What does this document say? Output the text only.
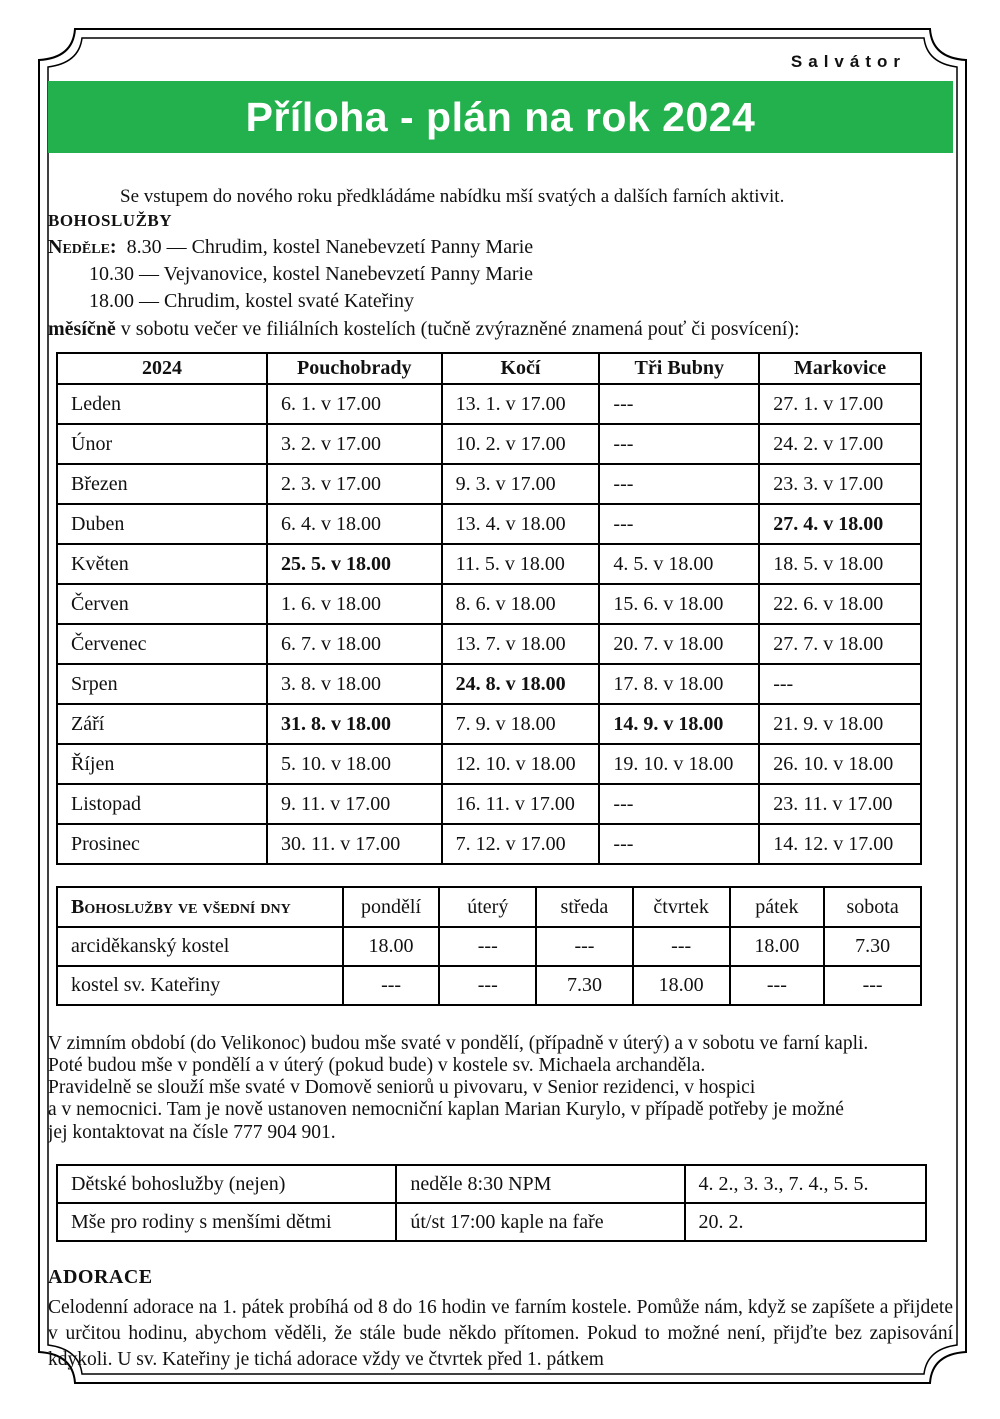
Salvátor
Příloha - plán na rok 2024
Se vstupem do nového roku předkládáme nabídku mší svatých a dalších farních aktivit.
BOHOSLUŽBY
Neděle: 8.30 — Chrudim, kostel Nanebevzetí Panny Marie
10.30 — Vejvanovice, kostel Nanebevzetí Panny Marie
18.00 — Chrudim, kostel svaté Kateřiny
měsíčně v sobotu večer ve filiálních kostelích (tučně zvýrazněné znamená pouť či posvícení):
2024	Pouchobrady	Kočí	Tři Bubny	Markovice
Leden	6. 1. v 17.00	13. 1. v 17.00	---	27. 1. v 17.00
Únor	3. 2. v 17.00	10. 2. v 17.00	---	24. 2. v 17.00
Březen	2. 3. v 17.00	9. 3. v 17.00	---	23. 3. v 17.00
Duben	6. 4. v 18.00	13. 4. v 18.00	---	27. 4. v 18.00
Květen	25. 5. v 18.00	11. 5. v 18.00	4. 5. v 18.00	18. 5. v 18.00
Červen	1. 6. v 18.00	8. 6. v 18.00	15. 6. v 18.00	22. 6. v 18.00
Červenec	6. 7. v 18.00	13. 7. v 18.00	20. 7. v 18.00	27. 7. v 18.00
Srpen	3. 8. v 18.00	24. 8. v 18.00	17. 8. v 18.00	---
Září	31. 8. v 18.00	7. 9. v 18.00	14. 9. v 18.00	21. 9. v 18.00
Říjen	5. 10. v 18.00	12. 10. v 18.00	19. 10. v 18.00	26. 10. v 18.00
Listopad	9. 11. v 17.00	16. 11. v 17.00	---	23. 11. v 17.00
Prosinec	30. 11. v 17.00	7. 12. v 17.00	---	14. 12. v 17.00
Bohoslužby ve všední dny	pondělí	úterý	středa	čtvrtek	pátek	sobota
arciděkanský kostel	18.00	---	---	---	18.00	7.30
kostel sv. Kateřiny	---	---	7.30	18.00	---	---
V zimním období (do Velikonoc) budou mše svaté v pondělí, (případně v úterý) a v sobotu ve farní kapli.
Poté budou mše v pondělí a v úterý (pokud bude) v kostele sv. Michaela archanděla.
Pravidelně se slouží mše svaté v Domově seniorů u pivovaru, v Senior rezidenci, v hospici
a v nemocnici. Tam je nově ustanoven nemocniční kaplan Marian Kurylo, v případě potřeby je možné
jej kontaktovat na čísle 777 904 901.
Dětské bohoslužby (nejen)	neděle 8:30 NPM	4. 2., 3. 3., 7. 4., 5. 5.
Mše pro rodiny s menšími dětmi	út/st 17:00 kaple na faře	20. 2.
ADORACE
Celodenní adorace na 1. pátek probíhá od 8 do 16 hodin ve farním kostele. Pomůže nám, když se zapíšete a přijdete v určitou hodinu, abychom věděli, že stále bude někdo přítomen. Pokud to možné není, přijďte bez zapisování kdykoli. U sv. Kateřiny je tichá adorace vždy ve čtvrtek před 1. pátkem
